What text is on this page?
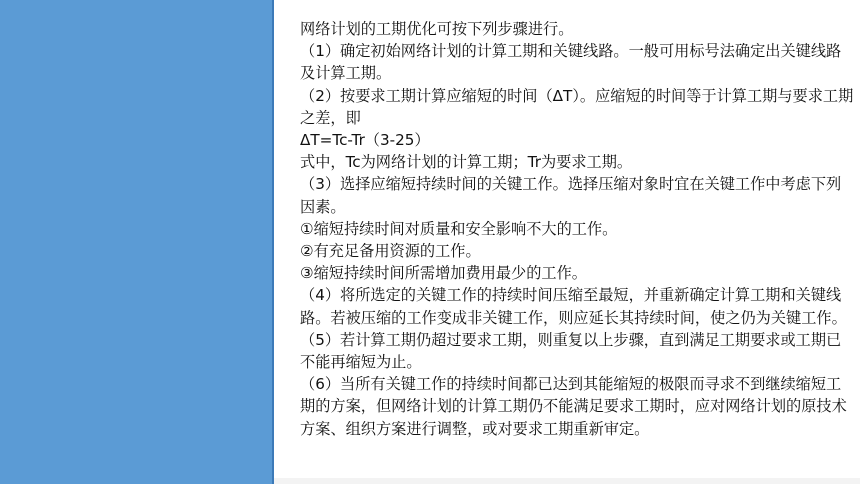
网络计划的工期优化可按下列步骤进行。

（1）确定初始网络计划的计算工期和关键线路。一般可用标号法确定出关键线路及计算工期。

（2）按要求工期计算应缩短的时间（ΔT）。应缩短的时间等于计算工期与要求工期之差，即

ΔT=Tc-Tr（3-25）

式中，Tc为网络计划的计算工期；Tr为要求工期。

（3）选择应缩短持续时间的关键工作。选择压缩对象时宜在关键工作中考虑下列因素。

①缩短持续时间对质量和安全影响不大的工作。

②有充足备用资源的工作。

③缩短持续时间所需增加费用最少的工作。

（4）将所选定的关键工作的持续时间压缩至最短，并重新确定计算工期和关键线路。若被压缩的工作变成非关键工作，则应延长其持续时间，使之仍为关键工作。

（5）若计算工期仍超过要求工期，则重复以上步骤，直到满足工期要求或工期已不能再缩短为止。

（6）当所有关键工作的持续时间都已达到其能缩短的极限而寻求不到继续缩短工期的方案，但网络计划的计算工期仍不能满足要求工期时，应对网络计划的原技术方案、组织方案进行调整，或对要求工期重新审定。
